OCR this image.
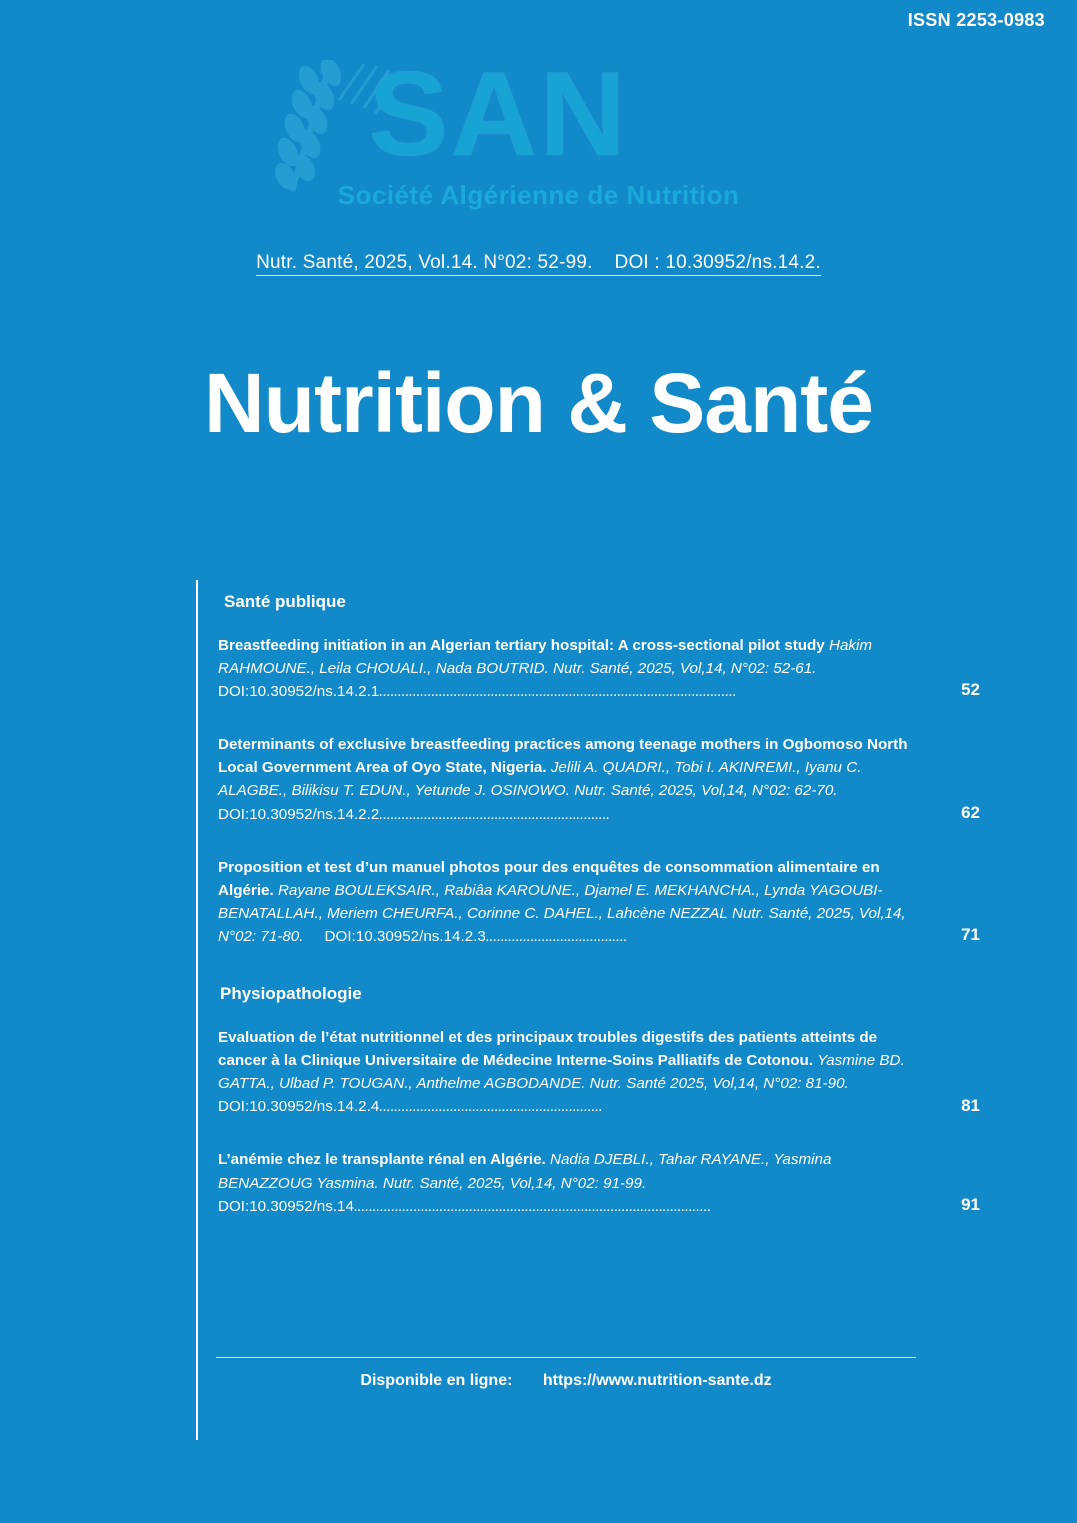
ISSN 2253-0983
SAN
Société Algérienne de Nutrition
Nutr. Santé, 2025, Vol.14. N°02: 52-99. DOI : 10.30952/ns.14.2.
Nutrition & Santé
Santé publique
Breastfeeding initiation in an Algerian tertiary hospital: A cross-sectional pilot study Hakim RAHMOUNE., Leila CHOUALI., Nada BOUTRID. Nutr. Santé, 2025, Vol,14, N°02: 52-61.     DOI:10.30952/ns.14.2.1................................................................................................	52
Determinants of exclusive breastfeeding practices among teenage mothers in Ogbomoso North Local Government Area of Oyo State, Nigeria. Jelili A. QUADRI., Tobi I. AKINREMI., Iyanu C. ALAGBE., Bilikisu T. EDUN., Yetunde J. OSINOWO. Nutr. Santé, 2025, Vol,14, N°02: 62-70.     DOI:10.30952/ns.14.2.2..............................................................	62
Proposition et test d’un manuel photos pour des enquêtes de consommation alimentaire en Algérie. Rayane BOULEKSAIR., Rabiâa KAROUNE., Djamel E. MEKHANCHA., Lynda YAGOUBI-BENATALLAH., Meriem CHEURFA., Corinne C. DAHEL., Lahcène NEZZAL Nutr. Santé, 2025, Vol,14, N°02: 71-80. DOI:10.30952/ns.14.2.3......................................	71
Physiopathologie
Evaluation de l’état nutritionnel et des principaux troubles digestifs des patients atteints de cancer à la Clinique Universitaire de Médecine Interne-Soins Palliatifs de Cotonou. Yasmine BD. GATTA., Ulbad P. TOUGAN., Anthelme AGBODANDE. Nutr. Santé 2025, Vol,14, N°02: 81-90.     DOI:10.30952/ns.14.2.4............................................................	81
L’anémie chez le transplante rénal en Algérie. Nadia DJEBLI., Tahar RAYANE., Yasmina BENAZZOUG Yasmina. Nutr. Santé, 2025, Vol,14, N°02: 91-99.
DOI:10.30952/ns.14................................................................................................	91
Disponible en ligne: https://www.nutrition-sante.dz
